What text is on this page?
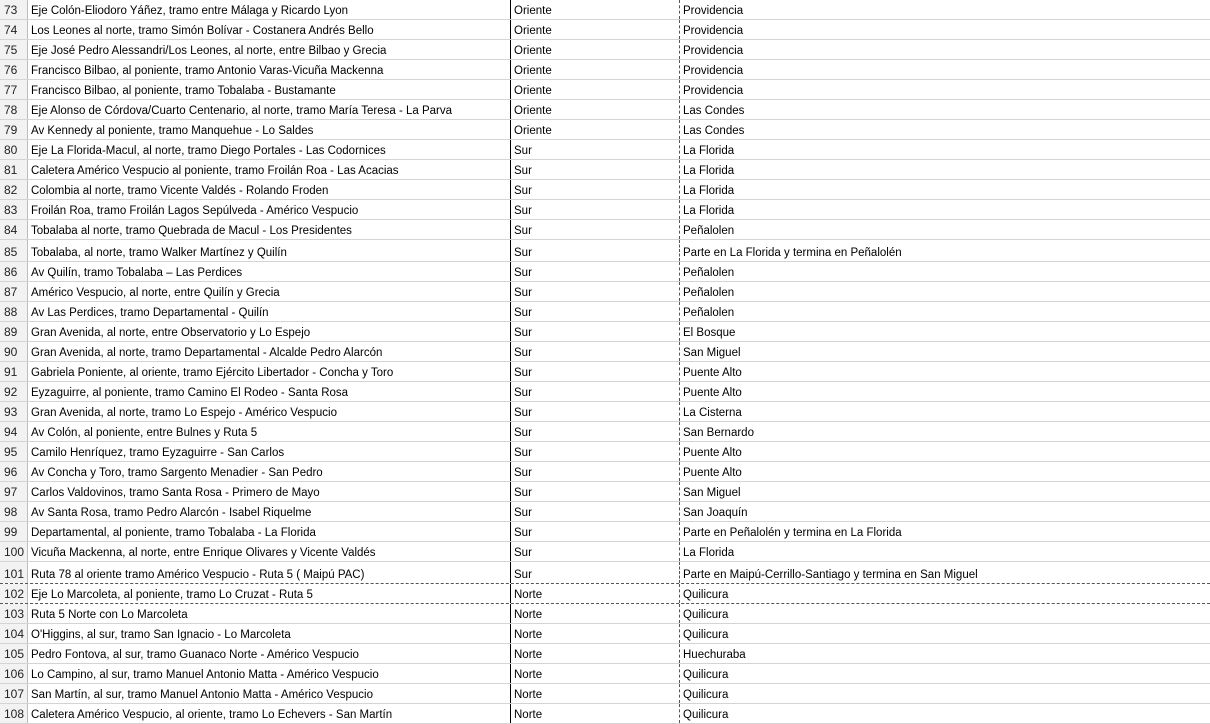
73	Eje Colón-Eliodoro Yáñez, tramo entre Málaga y Ricardo Lyon	Oriente	Providencia
74	Los Leones al norte, tramo Simón Bolívar - Costanera Andrés Bello	Oriente	Providencia
75	Eje José Pedro Alessandri/Los Leones, al norte, entre Bilbao y Grecia	Oriente	Providencia
76	Francisco Bilbao, al poniente, tramo Antonio Varas-Vicuña Mackenna	Oriente	Providencia
77	Francisco Bilbao, al poniente, tramo Tobalaba - Bustamante	Oriente	Providencia
78	Eje Alonso de Córdova/Cuarto Centenario, al norte, tramo María Teresa - La Parva	Oriente	Las Condes
79	Av Kennedy al poniente, tramo Manquehue - Lo Saldes	Oriente	Las Condes
80	Eje La Florida-Macul, al norte, tramo Diego Portales - Las Codornices	Sur	La Florida
81	Caletera Américo Vespucio al poniente, tramo Froilán Roa - Las Acacias	Sur	La Florida
82	Colombia al norte, tramo Vicente Valdés - Rolando Froden	Sur	La Florida
83	Froilán Roa, tramo Froilán Lagos Sepúlveda - Américo Vespucio	Sur	La Florida
84	Tobalaba al norte, tramo Quebrada de Macul - Los Presidentes	Sur	Peñalolen
85	Tobalaba, al norte, tramo Walker Martínez y Quilín	Sur	Parte en La Florida y termina en Peñalolén
86	Av Quilín, tramo Tobalaba – Las Perdices	Sur	Peñalolen
87	Américo Vespucio, al norte, entre Quilín y Grecia	Sur	Peñalolen
88	Av Las Perdices, tramo Departamental - Quilín	Sur	Peñalolen
89	Gran Avenida, al norte, entre Observatorio y Lo Espejo	Sur	El Bosque
90	Gran Avenida, al norte, tramo Departamental - Alcalde Pedro Alarcón	Sur	San Miguel
91	Gabriela Poniente, al oriente, tramo Ejército Libertador - Concha y Toro	Sur	Puente Alto
92	Eyzaguirre, al poniente, tramo Camino El Rodeo - Santa Rosa	Sur	Puente Alto
93	Gran Avenida, al norte, tramo Lo Espejo - Américo Vespucio	Sur	La Cisterna
94	Av Colón, al poniente, entre Bulnes y Ruta 5	Sur	San Bernardo
95	Camilo Henríquez, tramo Eyzaguirre - San Carlos	Sur	Puente Alto
96	Av Concha y Toro, tramo Sargento Menadier - San Pedro	Sur	Puente Alto
97	Carlos Valdovinos, tramo Santa Rosa - Primero de Mayo	Sur	San Miguel
98	Av Santa Rosa, tramo Pedro Alarcón - Isabel Riquelme	Sur	San Joaquín
99	Departamental, al poniente, tramo Tobalaba - La Florida	Sur	Parte en Peñalolén y termina en La Florida
100 Vicuña Mackenna, al norte, entre Enrique Olivares y Vicente Valdés	Sur	La Florida
101 Ruta 78 al oriente tramo Américo Vespucio - Ruta 5 ( Maipú PAC)	Sur	Parte en Maipú-Cerrillo-Santiago y termina en San Miguel
102 Eje Lo Marcoleta, al poniente, tramo Lo Cruzat - Ruta 5	Norte	Quilicura
103 Ruta 5 Norte con Lo Marcoleta	Norte	Quilicura
104 O'Higgins, al sur, tramo San Ignacio - Lo Marcoleta	Norte	Quilicura
105 Pedro Fontova, al sur, tramo Guanaco Norte - Américo Vespucio	Norte	Huechuraba
106 Lo Campino, al sur, tramo Manuel Antonio Matta - Américo Vespucio	Norte	Quilicura
107 San Martín, al sur, tramo Manuel Antonio Matta - Américo Vespucio	Norte	Quilicura
108 Caletera Américo Vespucio, al oriente, tramo Lo Echevers - San Martín	Norte	Quilicura
